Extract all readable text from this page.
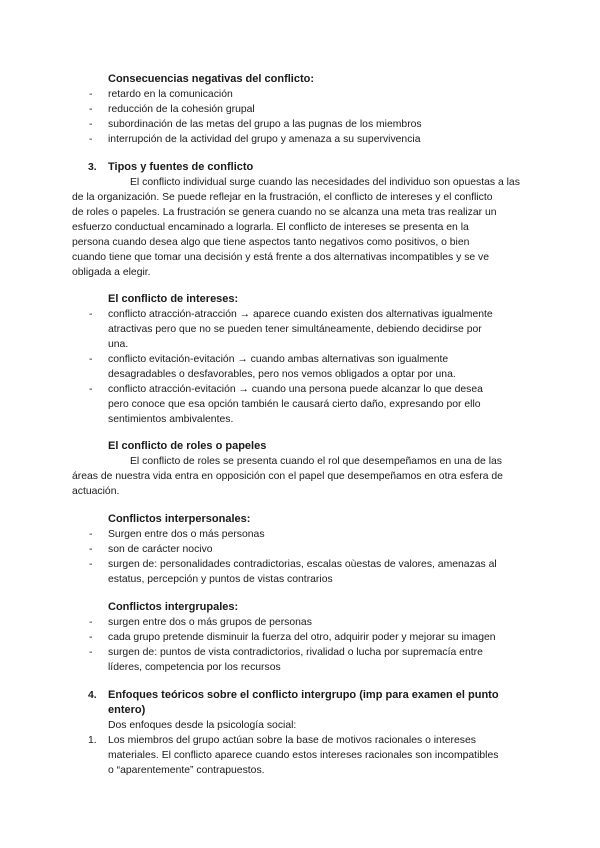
Consecuencias negativas del conflicto:
- retardo en la comunicación
- reducción de la cohesión grupal
- subordinación de las metas del grupo a las pugnas de los miembros
- interrupción de la actividad del grupo y amenaza a su supervivencia
3. Tipos y fuentes de conflicto
El conflicto individual surge cuando las necesidades del individuo son opuestas a las
de la organización. Se puede reflejar en la frustración, el conflicto de intereses y el conflicto
de roles o papeles. La frustración se genera cuando no se alcanza una meta tras realizar un
esfuerzo conductual encaminado a lograrla. El conflicto de intereses se presenta en la
persona cuando desea algo que tiene aspectos tanto negativos como positivos, o bien
cuando tiene que tomar una decisión y está frente a dos alternativas incompatibles y se ve
obligada a elegir.
El conflicto de intereses:
- conflicto atracción-atracción → aparece cuando existen dos alternativas igualmente
atractivas pero que no se pueden tener simultáneamente, debiendo decidirse por
una.
- conflicto evitación-evitación → cuando ambas alternativas son igualmente
desagradables o desfavorables, pero nos vemos obligados a optar por una.
- conflicto atracción-evitación → cuando una persona puede alcanzar lo que desea
pero conoce que esa opción también le causará cierto daño, expresando por ello
sentimientos ambivalentes.
El conflicto de roles o papeles
El conflicto de roles se presenta cuando el rol que desempeñamos en una de las
áreas de nuestra vida entra en opposición con el papel que desempeñamos en otra esfera de
actuación.
Conflictos interpersonales:
- Surgen entre dos o más personas
- son de carácter nocivo
- surgen de: personalidades contradictorias, escalas oùestas de valores, amenazas al
estatus, percepción y puntos de vistas contrarios
Conflictos intergrupales:
- surgen entre dos o más grupos de personas
- cada grupo pretende disminuir la fuerza del otro, adquirir poder y mejorar su imagen
- surgen de: puntos de vista contradictorios, rivalidad o lucha por supremacía entre
líderes, competencia por los recursos
4. Enfoques teóricos sobre el conflicto intergrupo (imp para examen el punto
entero)
Dos enfoques desde la psicología social:
1. Los miembros del grupo actúan sobre la base de motivos racionales o intereses
materiales. El conflicto aparece cuando estos intereses racionales son incompatibles
o “aparentemente” contrapuestos.
